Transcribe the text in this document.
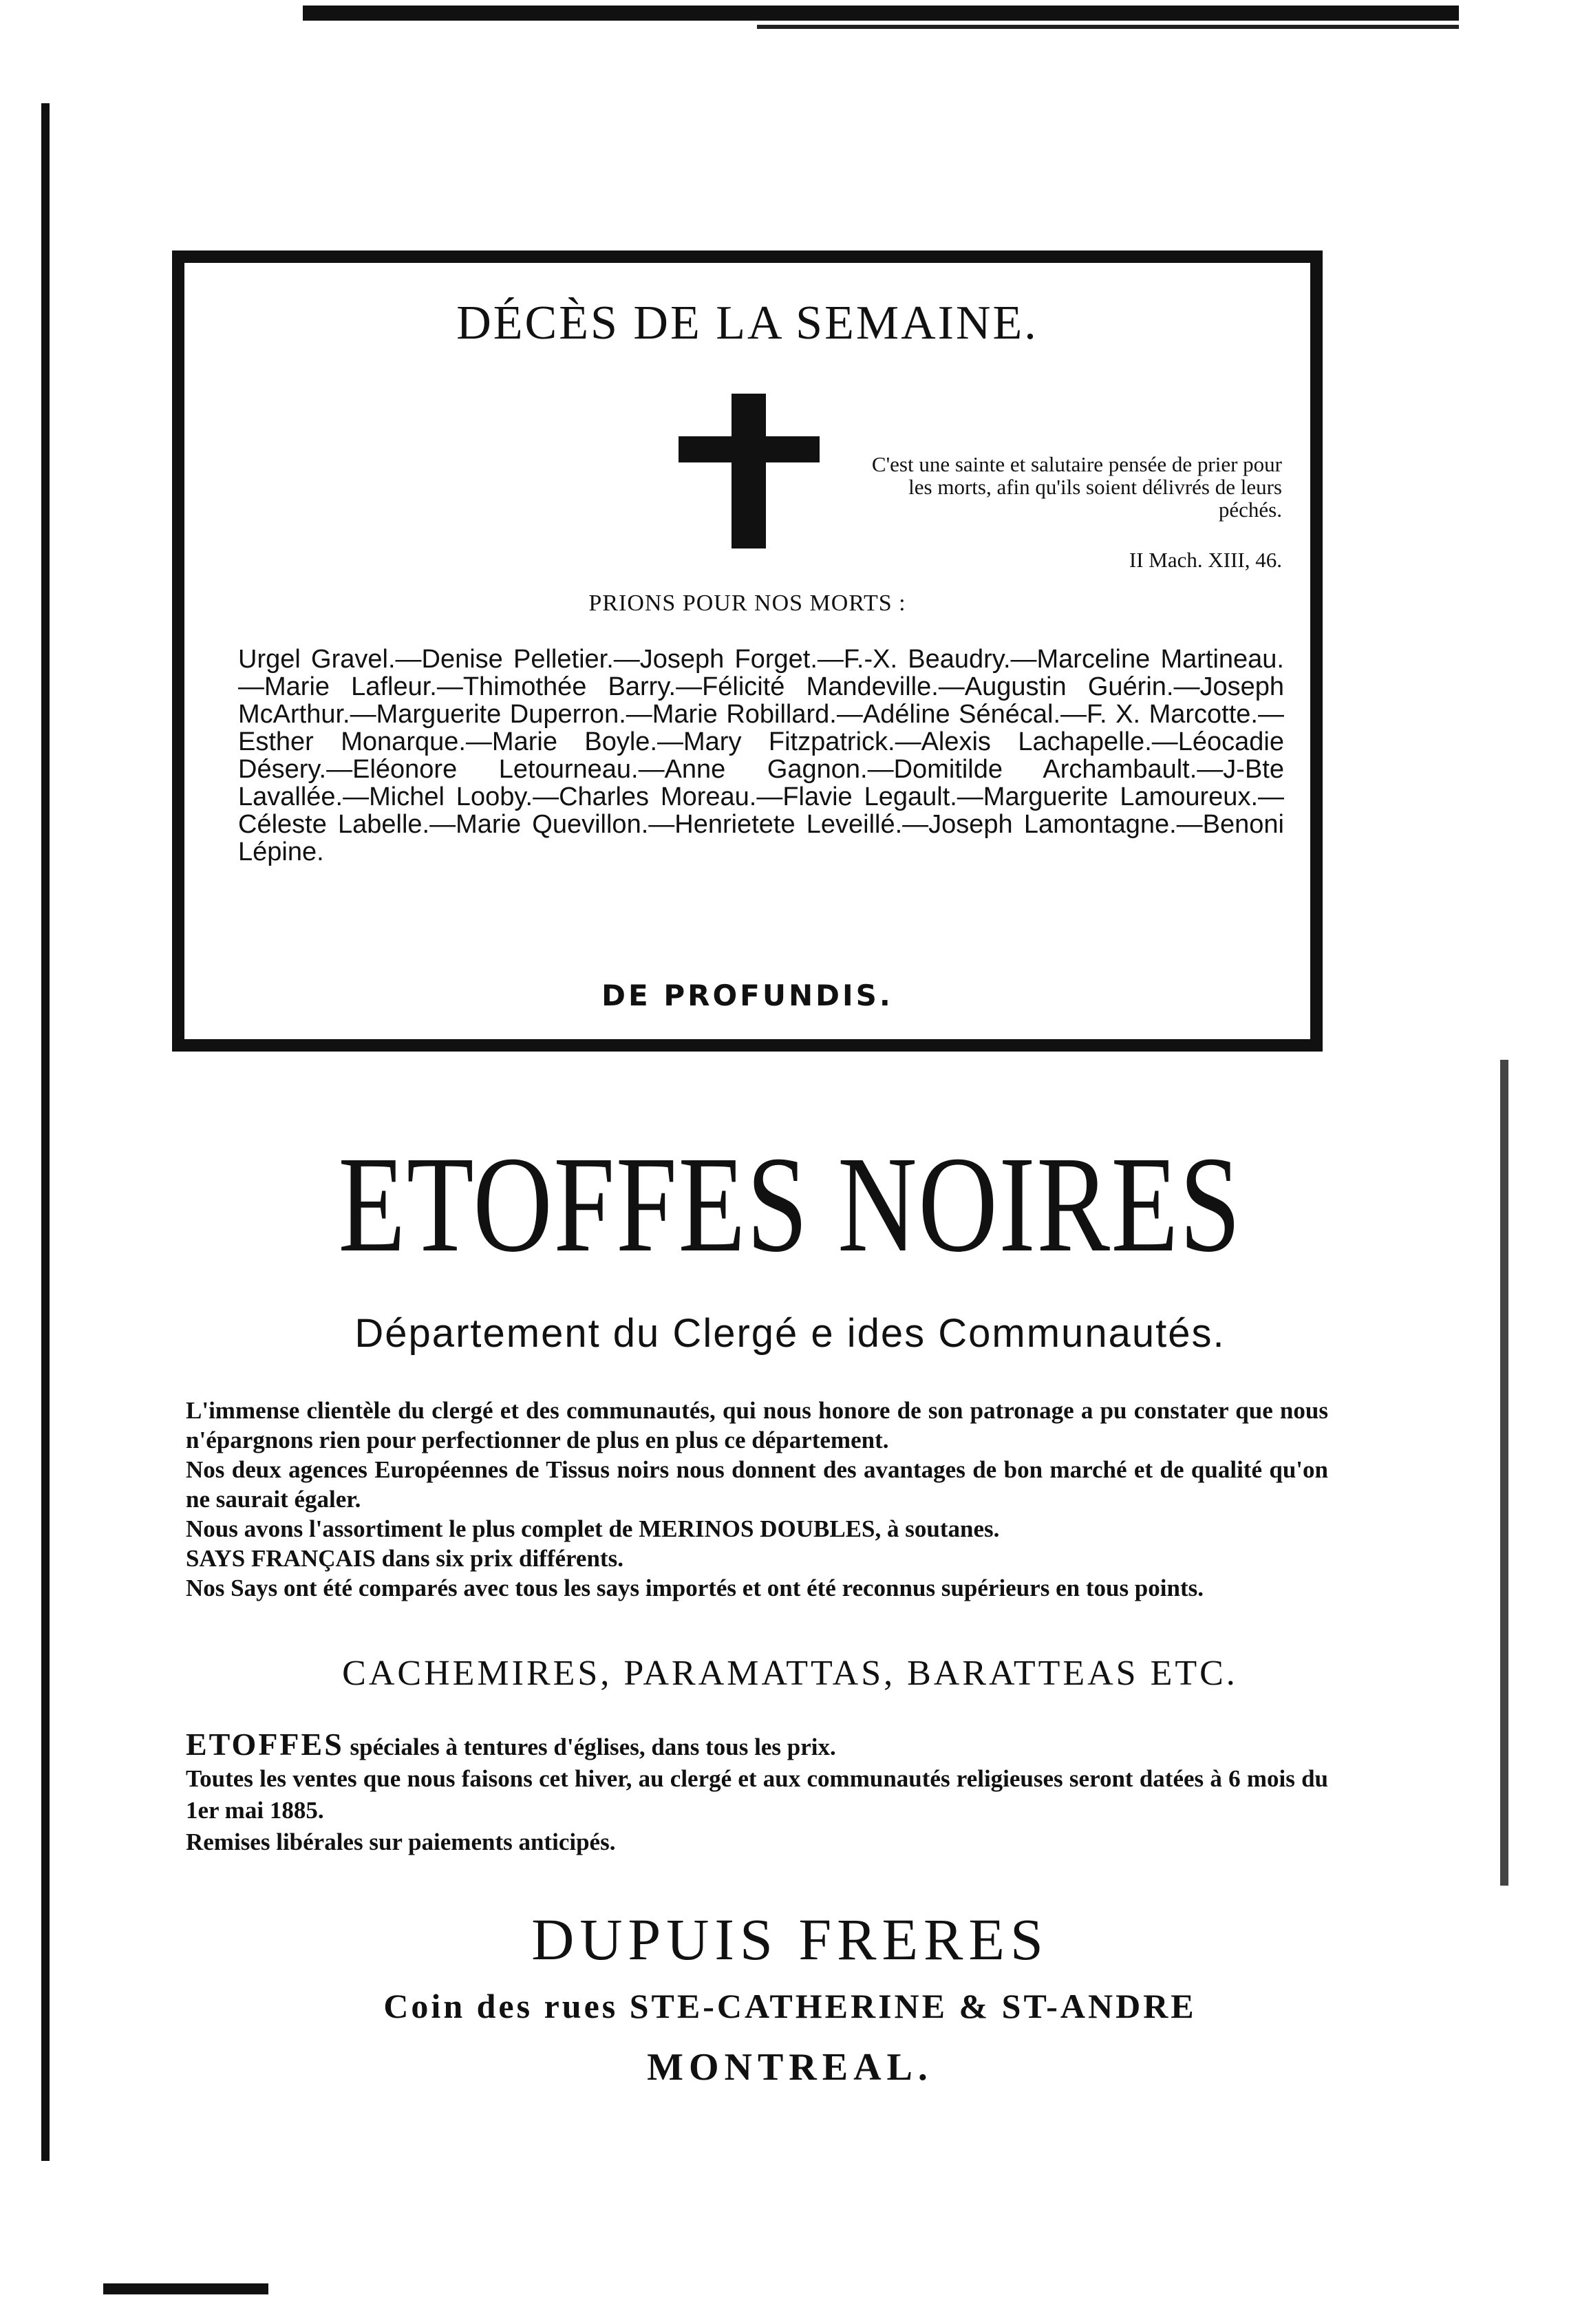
DÉCÈS DE LA SEMAINE.
C'est une sainte et salutaire pensée de prier pour les morts, afin qu'ils soient délivrés de leurs péchés.
II Mach. XIII, 46.
PRIONS POUR NOS MORTS :
Urgel Gravel.—Denise Pelletier.—Joseph Forget.—F.-X. Beaudry.—Marceline Martineau.—Marie Lafleur.—Thimothée Barry.—Félicité Mandeville.—Augustin Guérin.—Joseph McArthur.—Marguerite Duperron.—Marie Robillard.—Adéline Sénécal.—F. X. Marcotte.—Esther Monarque.—Marie Boyle.—Mary Fitzpatrick.—Alexis Lachapelle.—Léocadie Désery.—Eléonore Letourneau.—Anne Gagnon.—Domitilde Archambault.—J-Bte Lavallée.—Michel Looby.—Charles Moreau.—Flavie Legault.—Marguerite Lamoureux.—Céleste Labelle.—Marie Quevillon.—Henrietete Leveillé.—Joseph Lamontagne.—Benoni Lépine.
DE PROFUNDIS.
ETOFFES NOIRES
Département du Clergé e ides Communautés.

L'immense clientèle du clergé et des communautés, qui nous honore de son patronage a pu constater que nous n'épargnons rien pour perfectionner de plus en plus ce département.

Nos deux agences Européennes de Tissus noirs nous donnent des avantages de bon marché et de qualité qu'on ne saurait égaler.

Nous avons l'assortiment le plus complet de MERINOS DOUBLES, à soutanes.

SAYS FRANÇAIS dans six prix différents.

Nos Says ont été comparés avec tous les says importés et ont été reconnus supérieurs en tous points.

CACHEMIRES, PARAMATTAS, BARATTEAS ETC.

ETOFFES spéciales à tentures d'églises, dans tous les prix.

Toutes les ventes que nous faisons cet hiver, au clergé et aux communautés religieuses seront datées à 6 mois du 1er mai 1885.

Remises libérales sur paiements anticipés.

DUPUIS FRERES
Coin des rues STE-CATHERINE & ST-ANDRE
MONTREAL.
